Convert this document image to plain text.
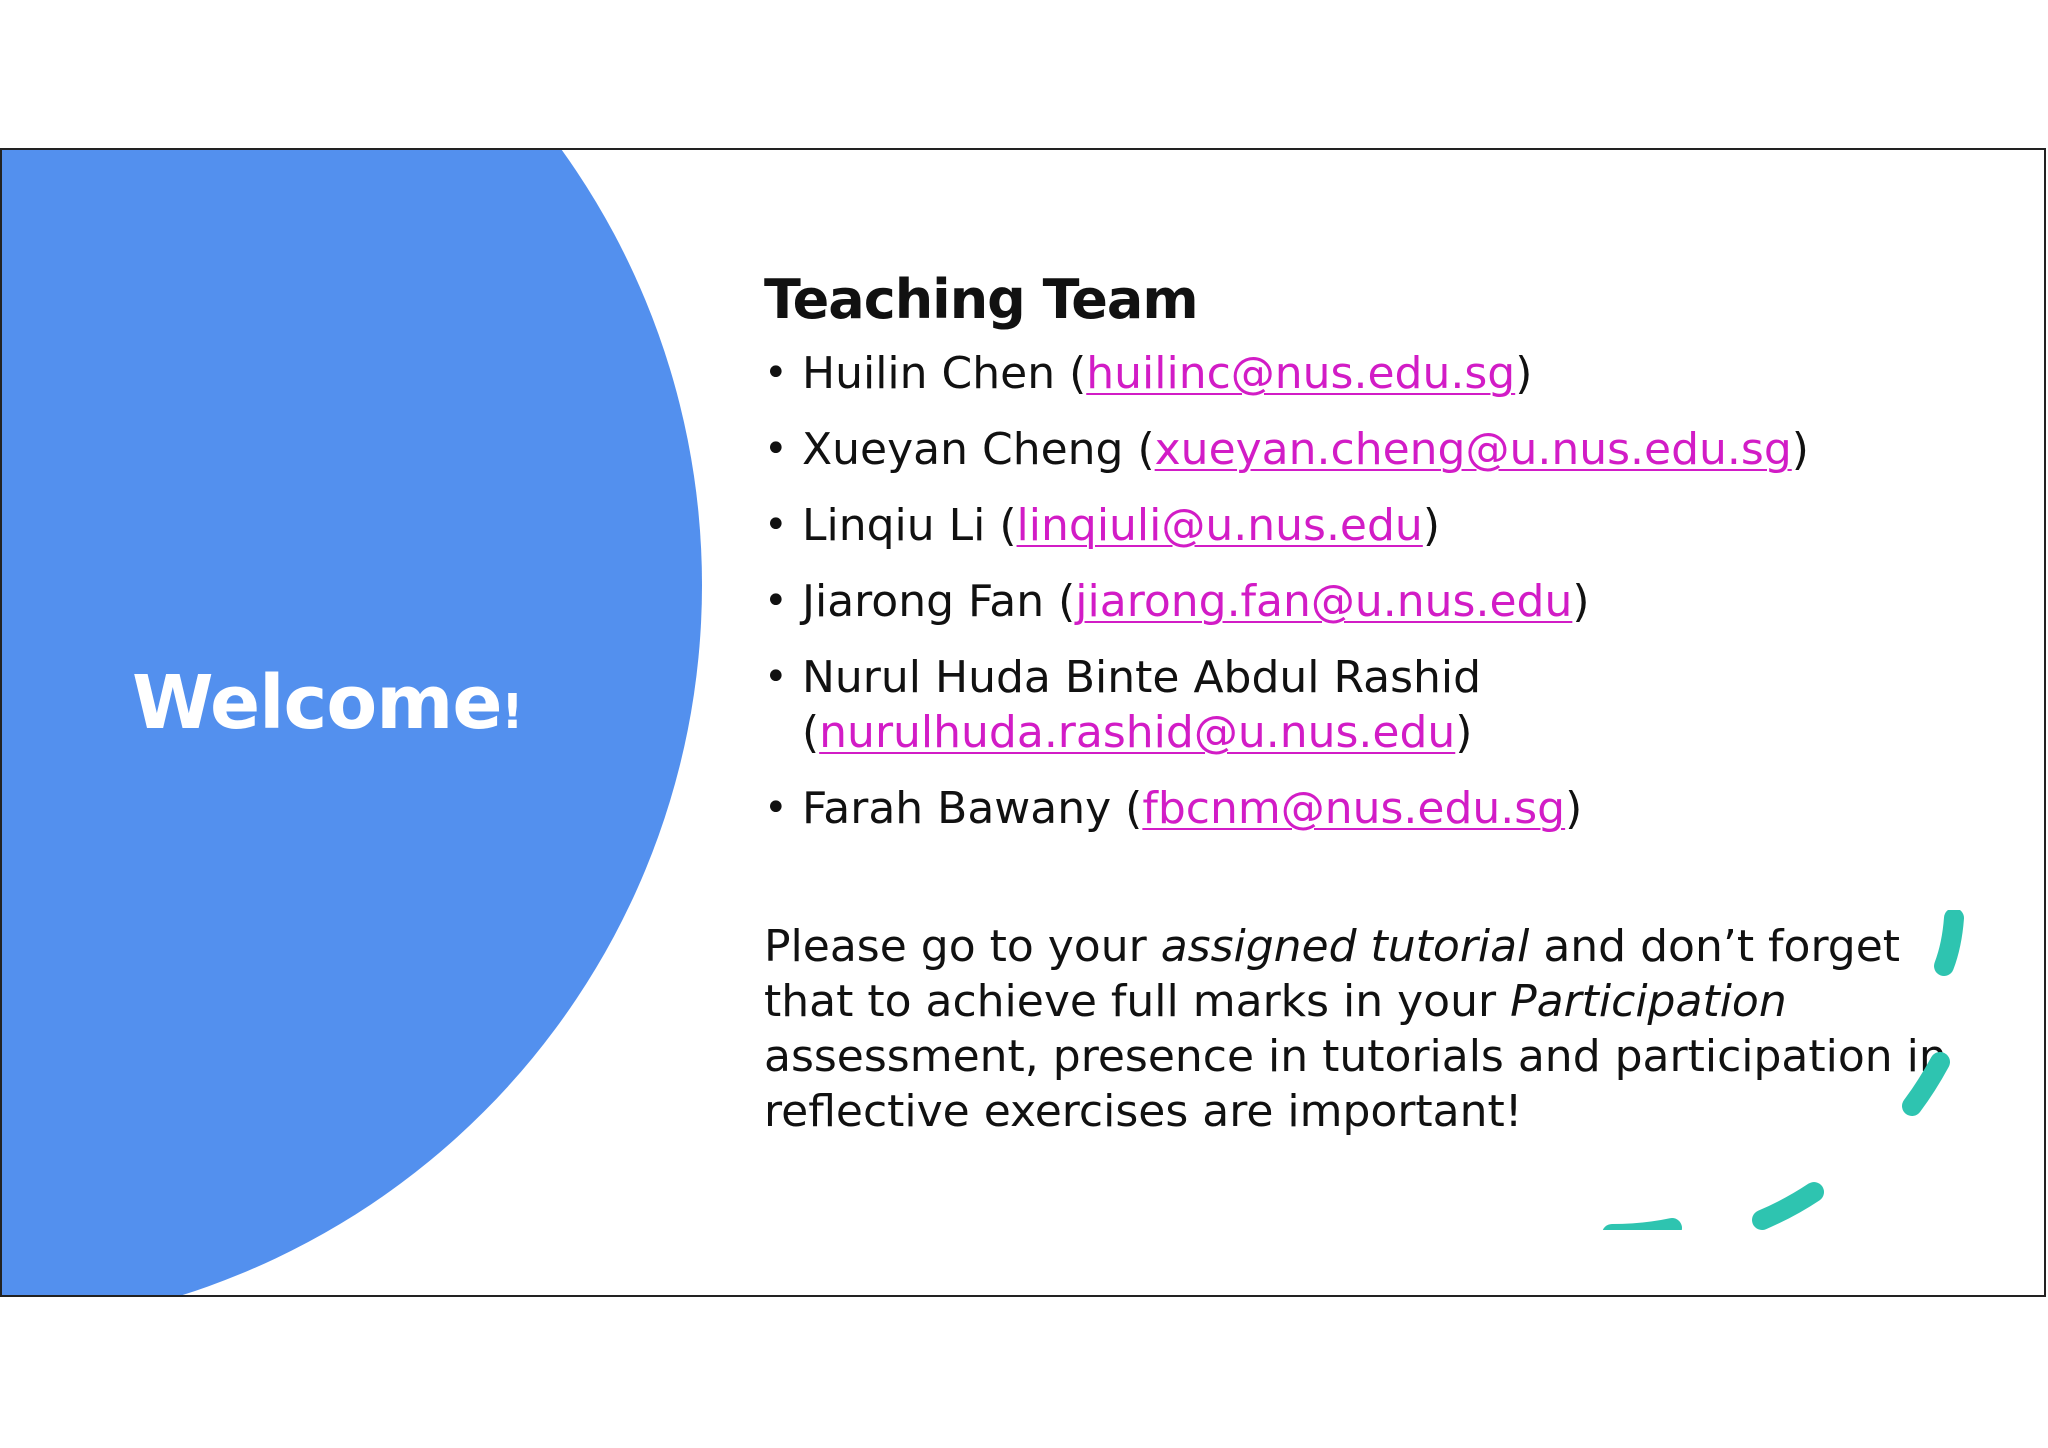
Welcome!
Teaching Team
• Huilin Chen (huilinc@nus.edu.sg)
• Xueyan Cheng (xueyan.cheng@u.nus.edu.sg)
• Linqiu Li (linqiuli@u.nus.edu)
• Jiarong Fan (jiarong.fan@u.nus.edu)
• Nurul Huda Binte Abdul Rashid
(nurulhuda.rashid@u.nus.edu)
• Farah Bawany (fbcnm@nus.edu.sg)

Please go to your assigned tutorial and don’t forget that to achieve full marks in your Participation assessment, presence in tutorials and participation in reflective exercises are important!
